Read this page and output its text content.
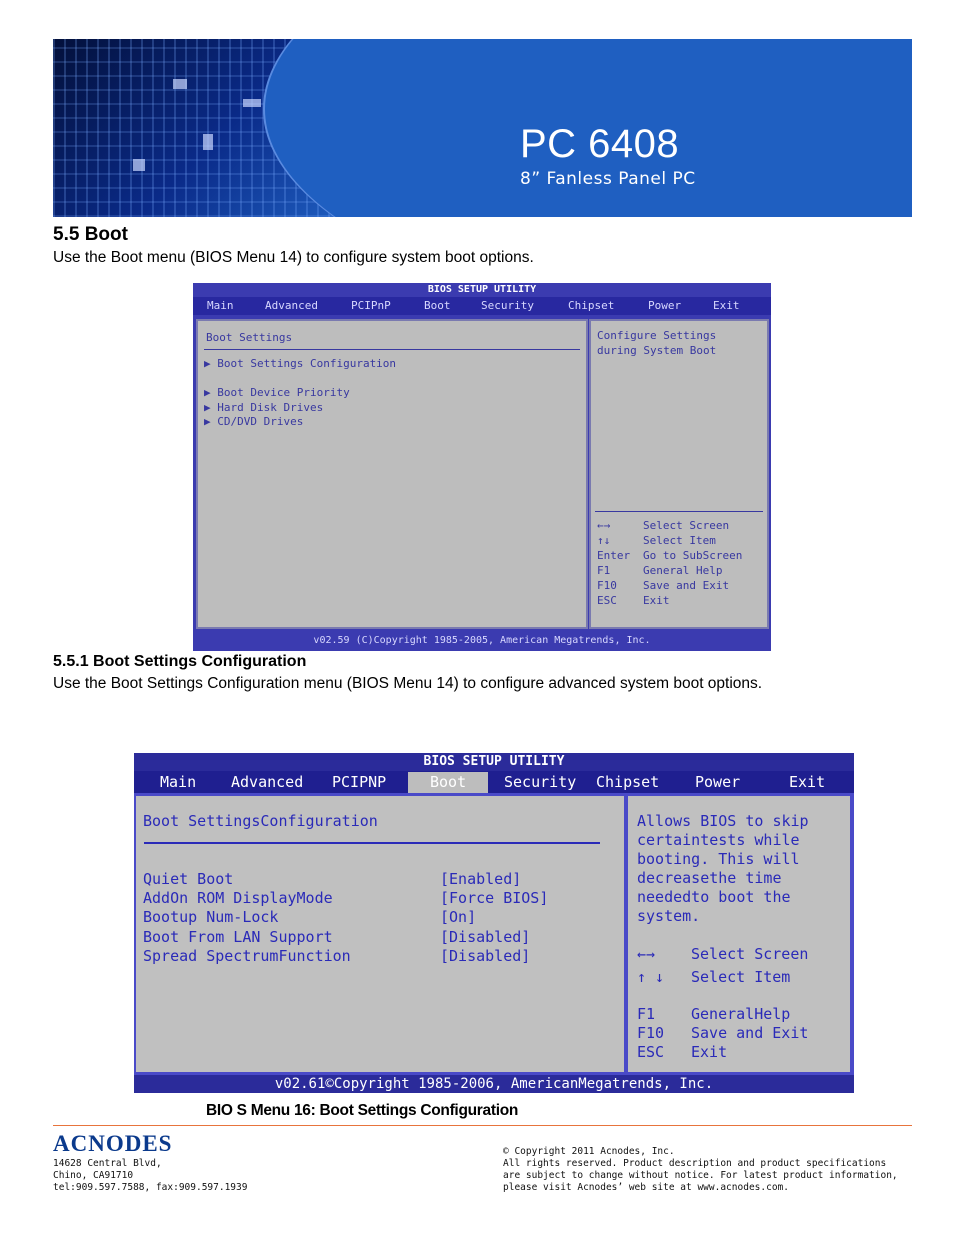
PC 6408
8” Fanless Panel PC
5.5 Boot
Use the Boot menu (BIOS Menu 14) to configure system boot options.
BIOS SETUP UTILITY
Main	Advanced	PCIPnP	Boot	Security	Chipset	Power	Exit
Boot Settings
▶ Boot Settings Configuration
▶ Boot Device Priority
▶ Hard Disk Drives
▶ CD/DVD Drives
Configure Settings
during System Boot
←→	Select Screen
↑↓	Select Item
Enter Go to SubScreen
F1	General Help
F10 Save and Exit
ESC Exit
v02.59 (C)Copyright 1985-2005, American Megatrends, Inc.
5.5.1 Boot Settings Configuration
Use the Boot Settings Configuration menu (BIOS Menu 14) to configure advanced system boot options.
BIOS SETUP UTILITY
Main Advanced PCIPNP	Boot	Security Chipset Power	Exit
Boot SettingsConfiguration
Quiet Boot	[Enabled]
AddOn ROM DisplayMode	[Force BIOS]
Bootup Num-Lock	[On]
Boot From LAN Support	[Disabled]
Spread SpectrumFunction	[Disabled]
Allows BIOS to skip
certaintests while
booting. This will
decreasethe time
neededto boot the
system.
←→ Select Screen
↑ ↓ Select Item
F1 GeneralHelp
F10 Save and Exit
ESC Exit
v02.61©Copyright 1985-2006, AmericanMegatrends, Inc.
BIO S Menu 16: Boot Settings Configuration
ACNODES
14628 Central Blvd,
Chino, CA91710
tel:909.597.7588, fax:909.597.1939
© Copyright 2011 Acnodes, Inc.
All rights reserved. Product description and product specifications
are subject to change without notice. For latest product information,
please visit Acnodes’ web site at www.acnodes.com.
